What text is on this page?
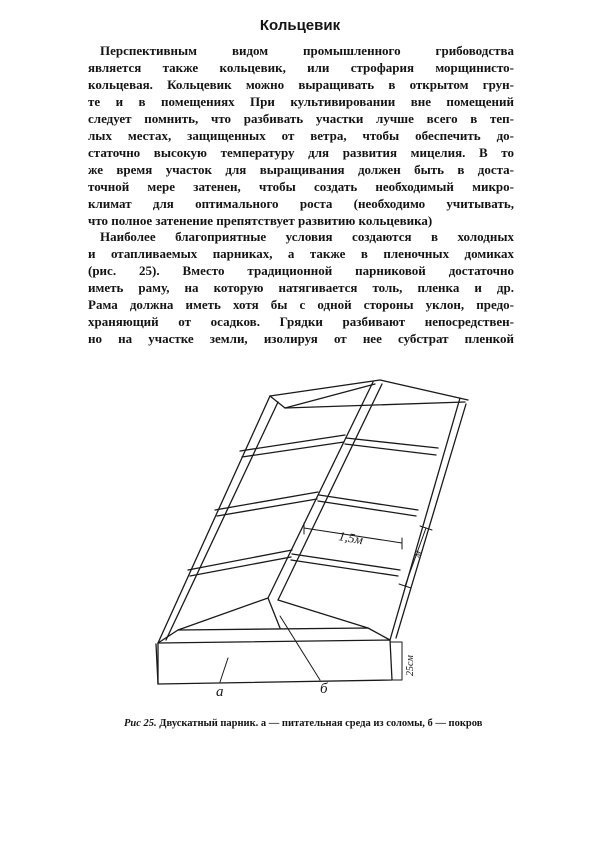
Кольцевик
Перспективным видом промышленного грибоводства
является также кольцевик, или строфария морщинисто-
кольцевая. Кольцевик можно выращивать в открытом грун-
те и в помещениях При культивировании вне помещений
следует помнить, что разбивать участки лучше всего в теп-
лых местах, защищенных от ветра, чтобы обеспечить до-
статочно высокую температуру для развития мицелия. В то
же время участок для выращивания должен быть в доста-
точной мере затенен, чтобы создать необходимый микро-
климат для оптимального роста (необходимо учитывать,
что полное затенение препятствует развитию кольцевика)
Наиболее благоприятные условия создаются в холодных
и отапливаемых парниках, а также в пленочных домиках
(рис. 25). Вместо традиционной парниковой достаточно
иметь раму, на которую натягивается толь, пленка и др.
Рама должна иметь хотя бы с одной стороны уклон, предо-
храняющий от осадков. Грядки разбивают непосредствен-
но на участке земли, изолируя от нее субстрат пленкой
1,5м
м
25см
а	б
Рис 25. Двускатный парник. а — питательная среда из соломы, б — покров
